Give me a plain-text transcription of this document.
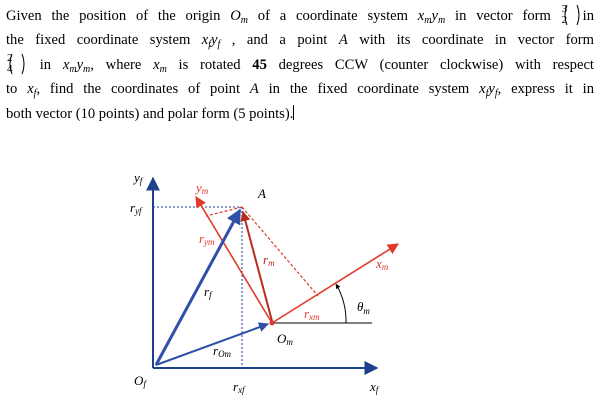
Given the position of the origin $O_m$ of a coordinate system $x_my_m$ in vector form 3
2	in
the fixed coordinate system $x_fy_f$ , and a point A with its coordinate in vector form
2
4	in $x_my_m$, where $x_m$ is rotated 45 degrees CCW (counter clockwise) with respect
to $x_f$, find the coordinates of point A in the fixed coordinate system $x_fy_f$, express it in
both vector (10 points) and polar form (5 points).
yf
ryf
ym	A
rym
rm
rf
xm
rxm
$\theta_m$
Om
rOm
Of	rxf	xf
